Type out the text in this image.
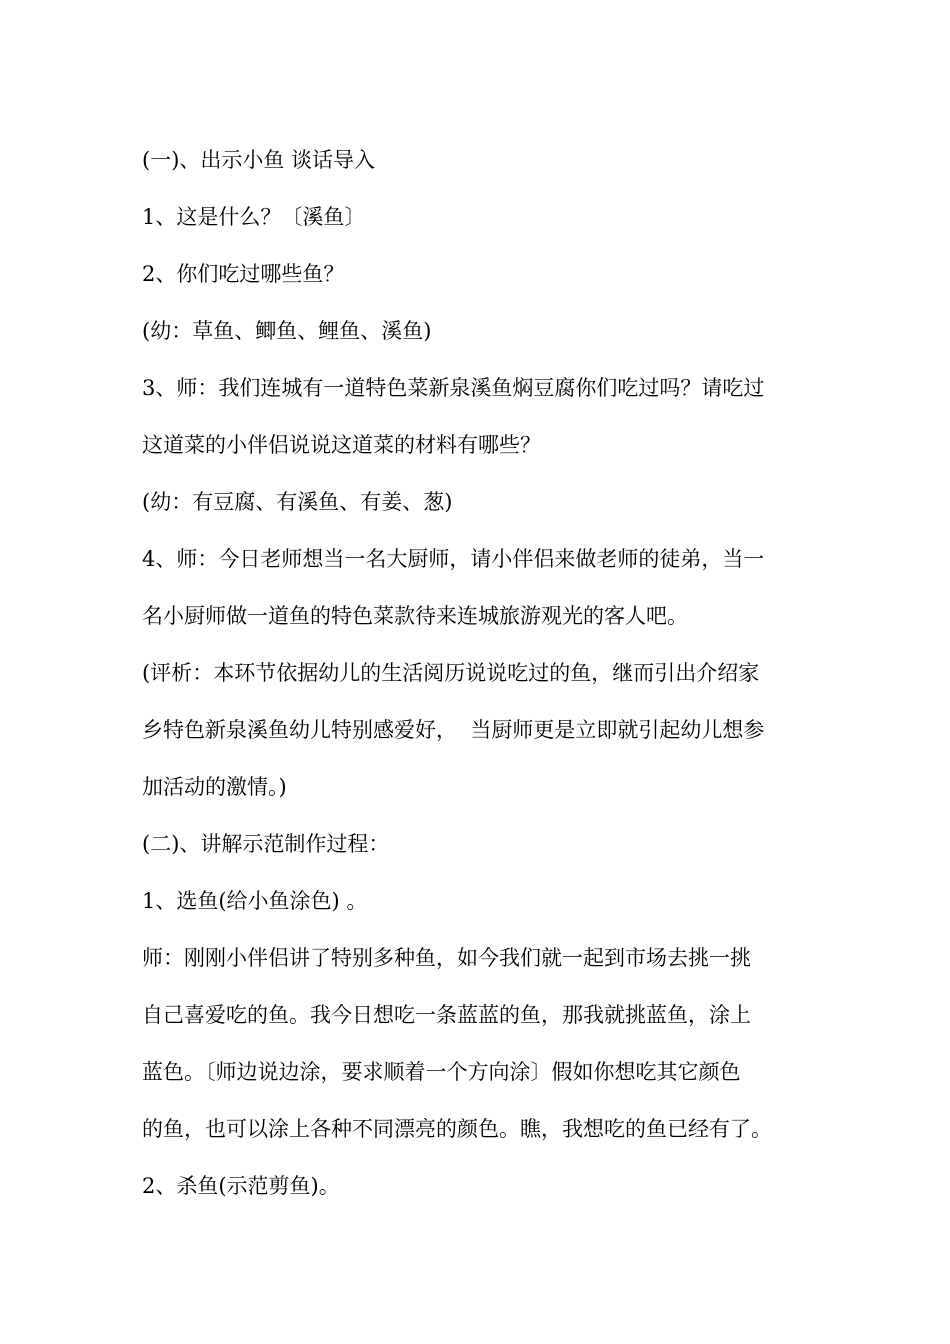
(一)、出示小鱼 谈话导入
1、这是什么？〔溪鱼〕
2、你们吃过哪些鱼？
(幼：草鱼、鲫鱼、鲤鱼、溪鱼)
3、师：我们连城有一道特色菜新泉溪鱼焖豆腐你们吃过吗？请吃过
这道菜的小伴侣说说这道菜的材料有哪些？
(幼：有豆腐、有溪鱼、有姜、葱)
4、师：今日老师想当一名大厨师，请小伴侣来做老师的徒弟，当一
名小厨师做一道鱼的特色菜款待来连城旅游观光的客人吧。
(评析：本环节依据幼儿的生活阅历说说吃过的鱼，继而引出介绍家
乡特色新泉溪鱼幼儿特别感爱好，  当厨师更是立即就引起幼儿想参
加活动的激情。)
(二)、讲解示范制作过程：
1、选鱼(给小鱼涂色) 。
师：刚刚小伴侣讲了特别多种鱼，如今我们就一起到市场去挑一挑
自己喜爱吃的鱼。我今日想吃一条蓝蓝的鱼，那我就挑蓝鱼，涂上
蓝色。〔师边说边涂，要求顺着一个方向涂〕假如你想吃其它颜色
的鱼，也可以涂上各种不同漂亮的颜色。瞧，我想吃的鱼已经有了。
2、杀鱼(示范剪鱼)。
